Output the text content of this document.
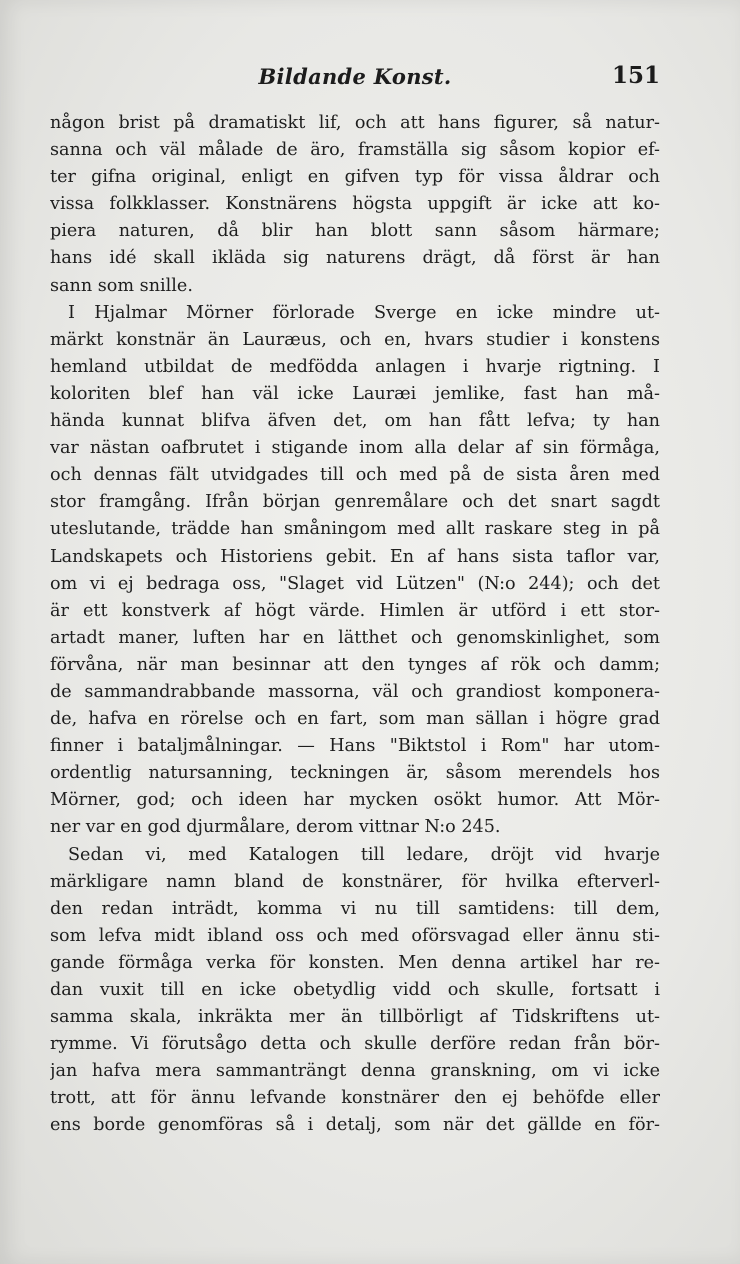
Bildande Konst.	151
någon brist på dramatiskt lif, och att hans figurer, så natur-
sanna och väl målade de äro, framställa sig såsom kopior ef-
ter gifna original, enligt en gifven typ för vissa åldrar och
vissa folkklasser. Konstnärens högsta uppgift är icke att ko-
piera naturen, då blir han blott sann såsom härmare;
hans idé skall ikläda sig naturens drägt, då först är han
sann som snille.
I Hjalmar Mörner förlorade Sverge en icke mindre ut-
märkt konstnär än Lauræus, och en, hvars studier i konstens
hemland utbildat de medfödda anlagen i hvarje rigtning. I
koloriten blef han väl icke Lauræi jemlike, fast han må-
hända kunnat blifva äfven det, om han fått lefva; ty han
var nästan oafbrutet i stigande inom alla delar af sin förmåga,
och dennas fält utvidgades till och med på de sista åren med
stor framgång. Ifrån början genremålare och det snart sagdt
uteslutande, trädde han småningom med allt raskare steg in på
Landskapets och Historiens gebit. En af hans sista taflor var,
om vi ej bedraga oss, "Slaget vid Lützen" (N:o 244); och det
är ett konstverk af högt värde. Himlen är utförd i ett stor-
artadt maner, luften har en lätthet och genomskinlighet, som
förvåna, när man besinnar att den tynges af rök och damm;
de sammandrabbande massorna, väl och grandiost komponera-
de, hafva en rörelse och en fart, som man sällan i högre grad
finner i bataljmålningar. — Hans "Biktstol i Rom" har utom-
ordentlig natursanning, teckningen är, såsom merendels hos
Mörner, god; och ideen har mycken osökt humor. Att Mör-
ner var en god djurmålare, derom vittnar N:o 245.
Sedan vi, med Katalogen till ledare, dröjt vid hvarje
märkligare namn bland de konstnärer, för hvilka efterverl-
den redan inträdt, komma vi nu till samtidens: till dem,
som lefva midt ibland oss och med oförsvagad eller ännu sti-
gande förmåga verka för konsten. Men denna artikel har re-
dan vuxit till en icke obetydlig vidd och skulle, fortsatt i
samma skala, inkräkta mer än tillbörligt af Tidskriftens ut-
rymme. Vi förutsågo detta och skulle derföre redan från bör-
jan hafva mera sammanträngt denna granskning, om vi icke
trott, att för ännu lefvande konstnärer den ej behöfde eller
ens borde genomföras så i detalj, som när det gällde en för-
